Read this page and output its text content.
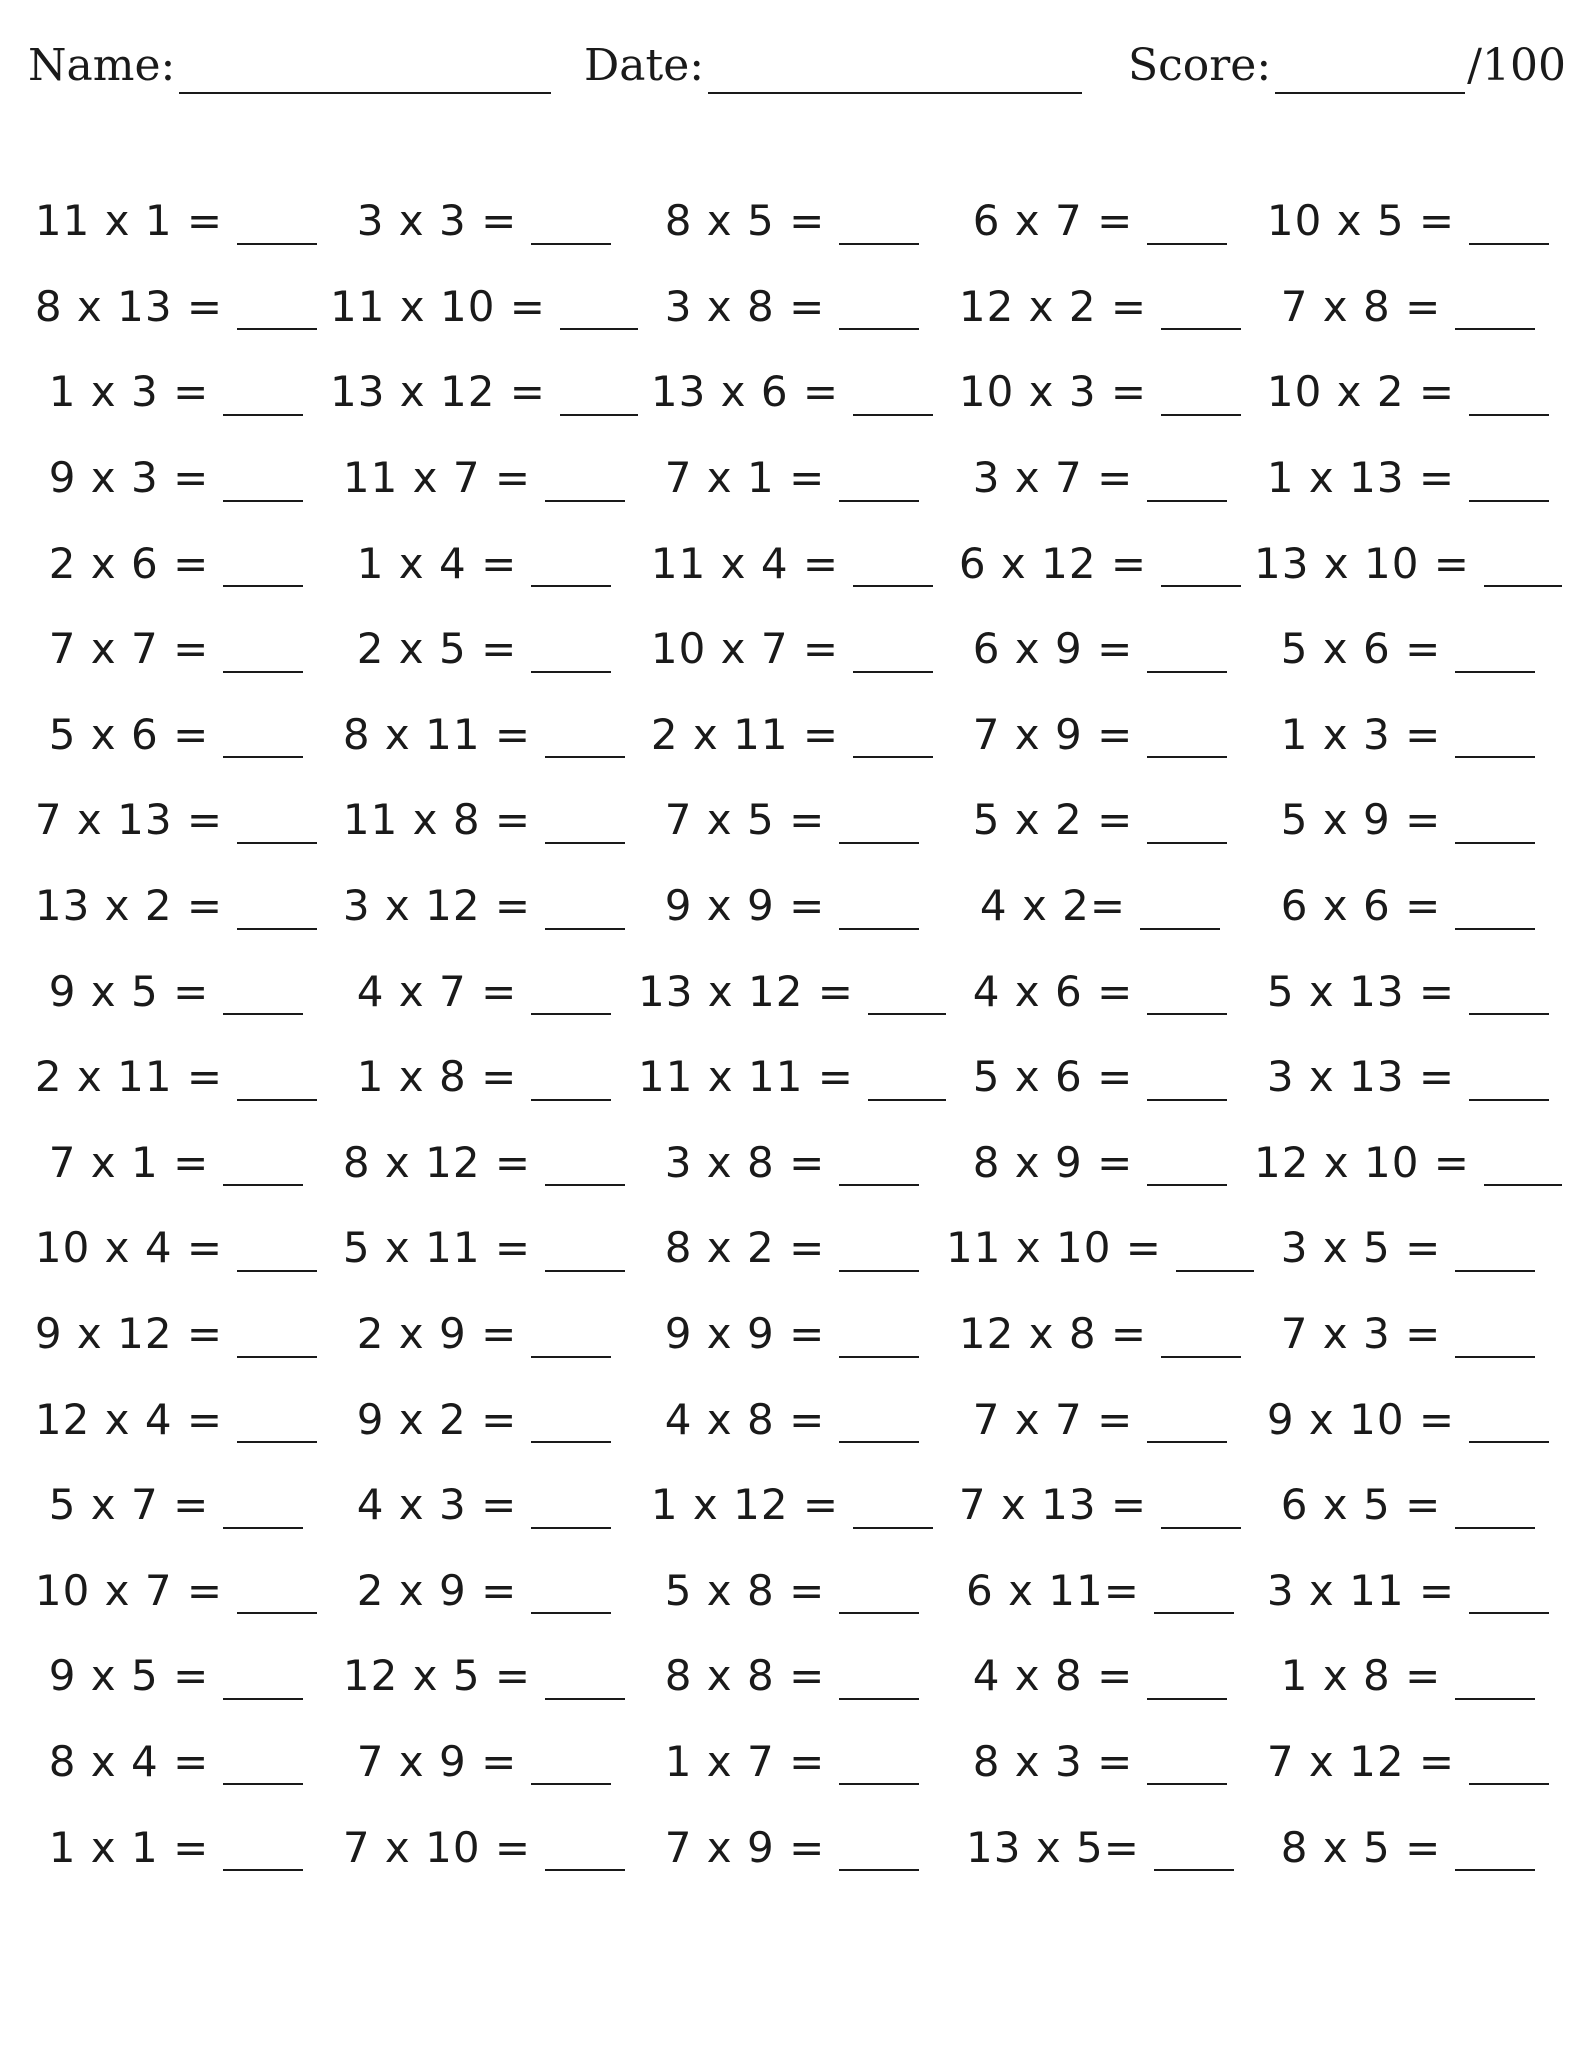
Name:	Date:	Score:	/100
11 x 1 =	3 x 3 =	8 x 5 =	6 x 7 =	10 x 5 =
8 x 13 =	11 x 10 =	3 x 8 =	12 x 2 =	7 x 8 =
1 x 3 =	13 x 12 = 13 x 6 =	10 x 3 =	10 x 2 =
9 x 3 =	11 x 7 =	7 x 1 =	3 x 7 =	1 x 13 =
2 x 6 =	1 x 4 =	11 x 4 =	6 x 12 =	13 x 10 =
7 x 7 =	2 x 5 =	10 x 7 =	6 x 9 =	5 x 6 =
5 x 6 =	8 x 11 =	2 x 11 =	7 x 9 =	1 x 3 =
7 x 13 =	11 x 8 =	7 x 5 =	5 x 2 =	5 x 9 =
13 x 2 =	3 x 12 =	9 x 9 =	4 x 2=	6 x 6 =
9 x 5 =	4 x 7 =	13 x 12 =	4 x 6 =	5 x 13 =
2 x 11 =	1 x 8 =	11 x 11 =	5 x 6 =	3 x 13 =
7 x 1 =	8 x 12 =	3 x 8 =	8 x 9 =	12 x 10 =
10 x 4 =	5 x 11 =	8 x 2 =	11 x 10 =	3 x 5 =
9 x 12 =	2 x 9 =	9 x 9 =	12 x 8 =	7 x 3 =
12 x 4 =	9 x 2 =	4 x 8 =	7 x 7 =	9 x 10 =
5 x 7 =	4 x 3 =	1 x 12 =	7 x 13 =	6 x 5 =
10 x 7 =	2 x 9 =	5 x 8 =	6 x 11=	3 x 11 =
9 x 5 =	12 x 5 =	8 x 8 =	4 x 8 =	1 x 8 =
8 x 4 =	7 x 9 =	1 x 7 =	8 x 3 =	7 x 12 =
1 x 1 =	7 x 10 =	7 x 9 =	13 x 5=	8 x 5 =
